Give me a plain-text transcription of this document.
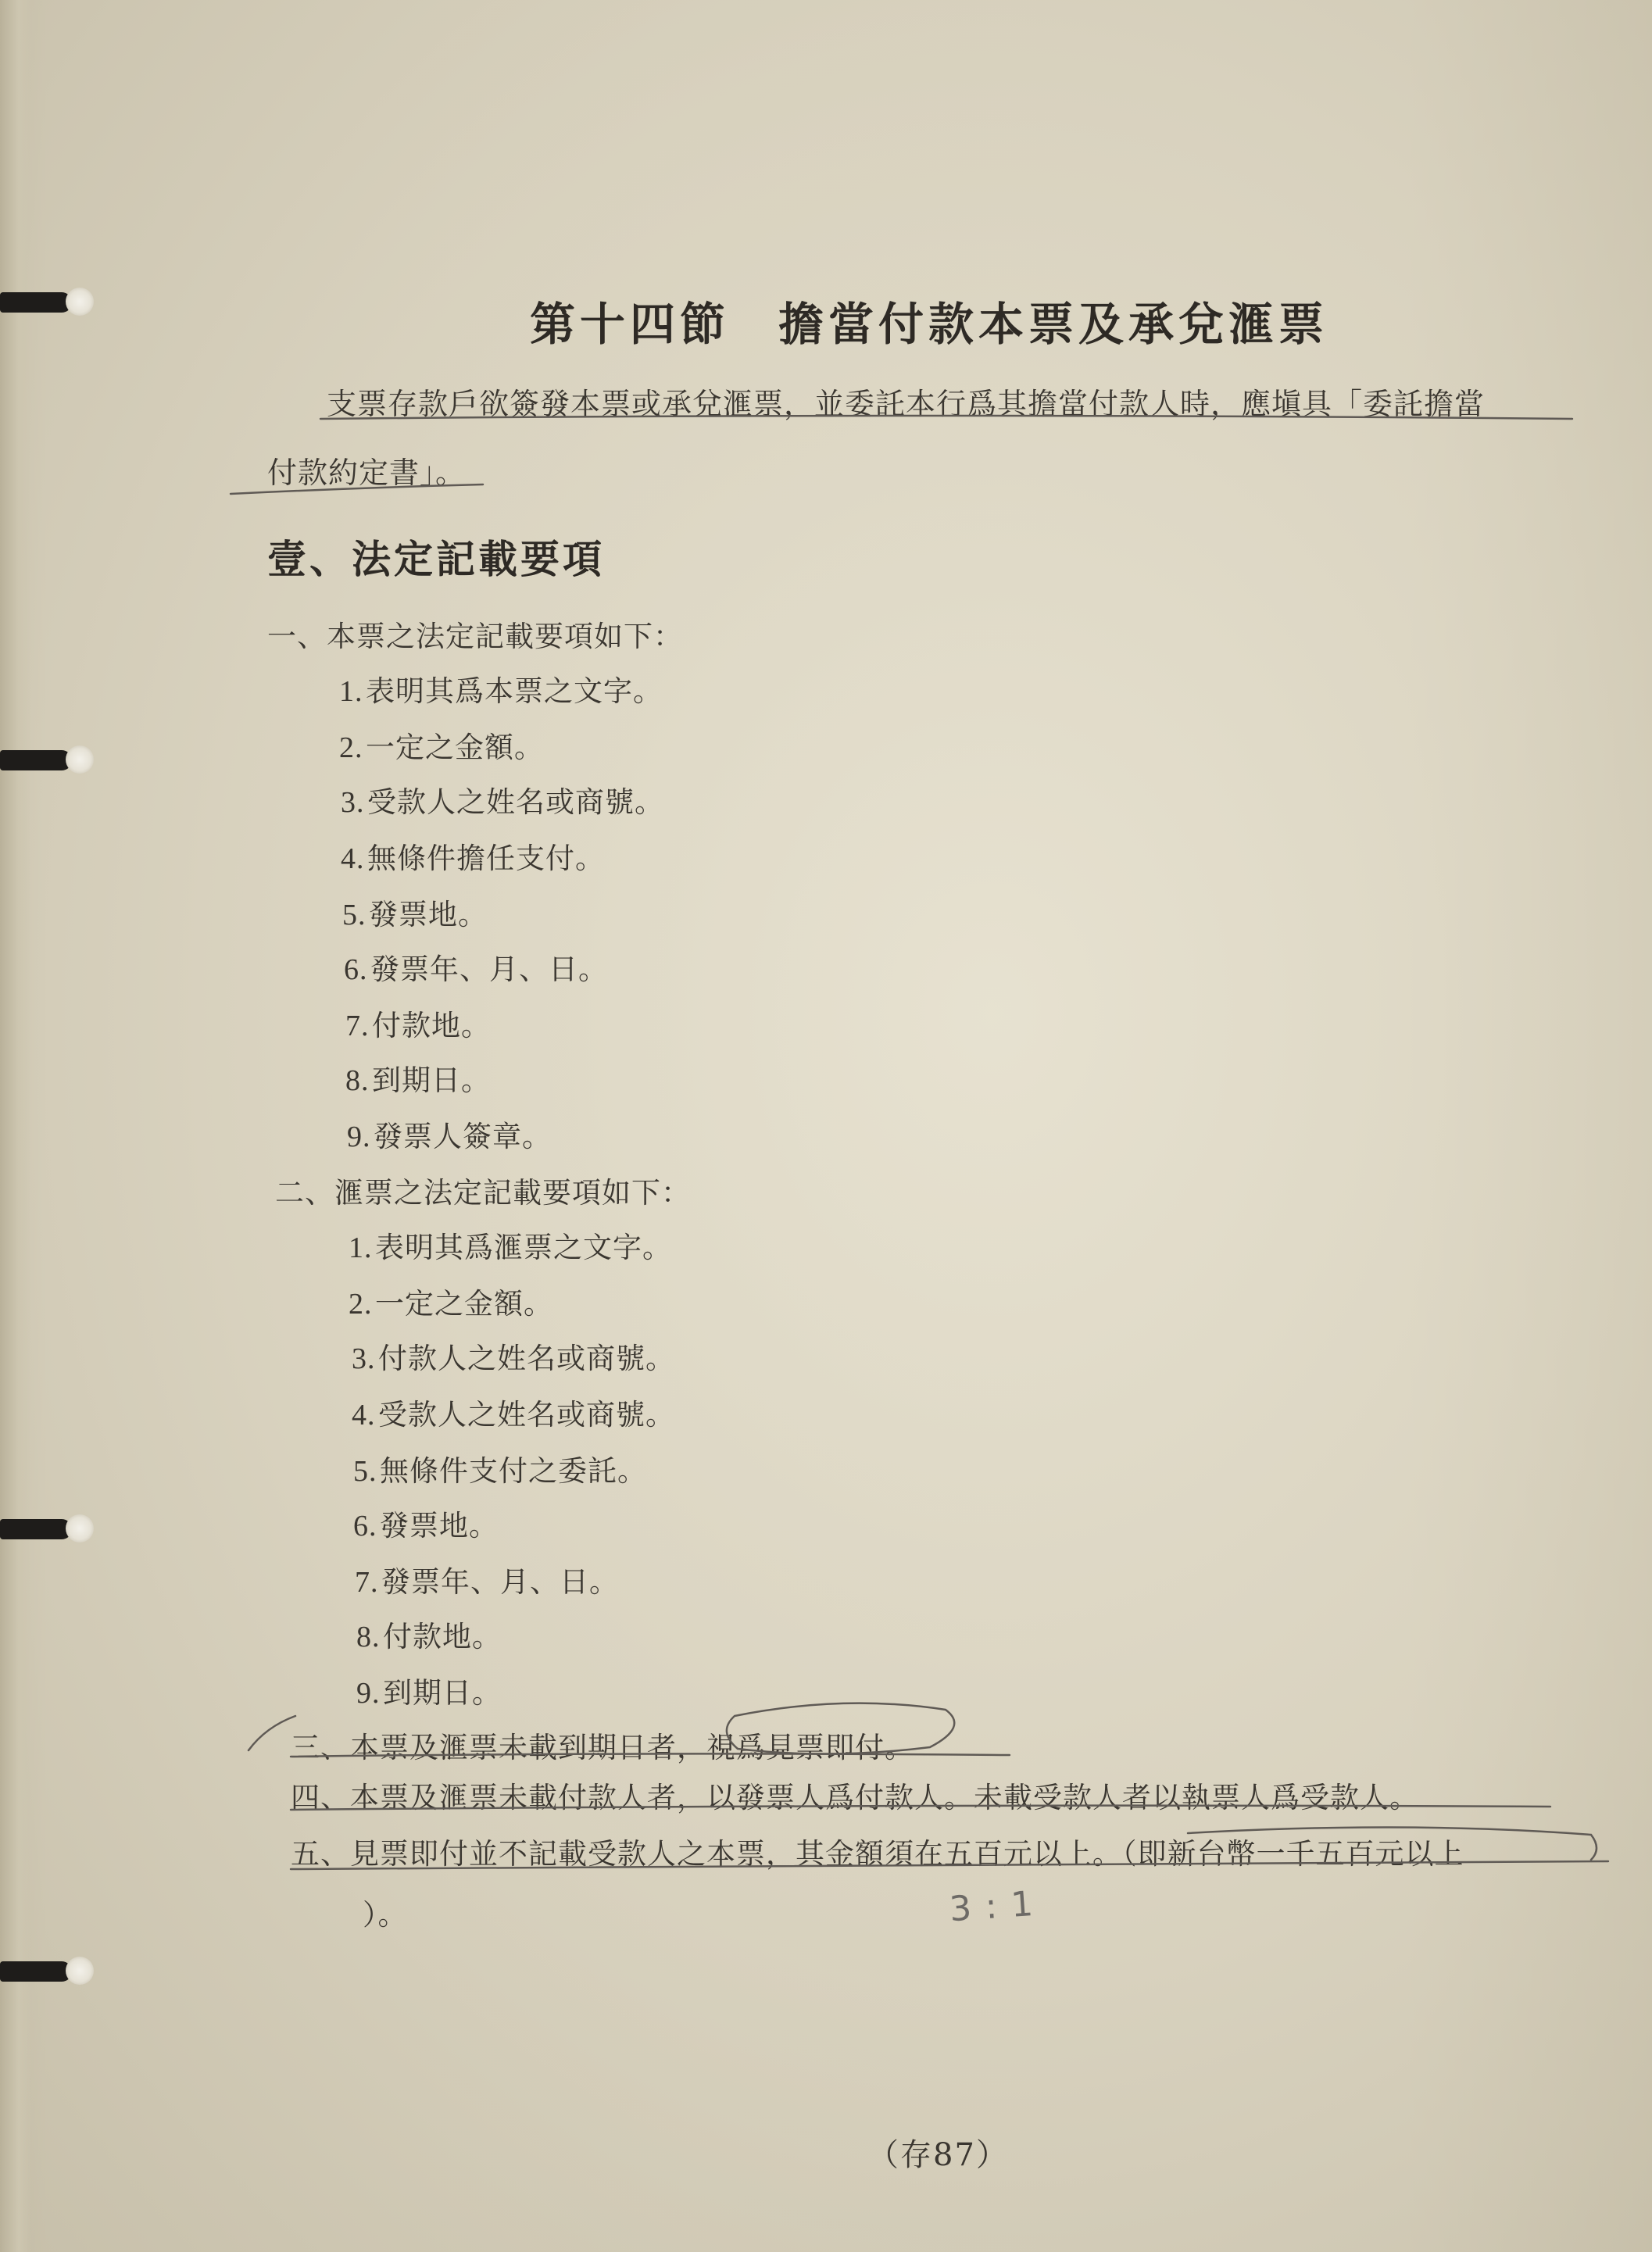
第十四節 擔當付款本票及承兌滙票
支票存款戶欲簽發本票或承兌滙票，並委託本行爲其擔當付款人時，應塡具「委託擔當
付款約定書」。
壹、法定記載要項
一、本票之法定記載要項如下：
1.表明其爲本票之文字。
2.一定之金額。
3.受款人之姓名或商號。
4.無條件擔任支付。
5.發票地。
6.發票年、月、日。
7.付款地。
8.到期日。
9.發票人簽章。
二、滙票之法定記載要項如下：
1.表明其爲滙票之文字。
2.一定之金額。
3.付款人之姓名或商號。
4.受款人之姓名或商號。
5.無條件支付之委託。
6.發票地。
7.發票年、月、日。
8.付款地。
9.到期日。
三、本票及滙票未載到期日者，視爲見票即付。
四、本票及滙票未載付款人者，以發票人爲付款人。未載受款人者以執票人爲受款人。
五、見票即付並不記載受款人之本票，其金額須在五百元以上。（即新台幣一千五百元以上
）。	3:1
（存87）
